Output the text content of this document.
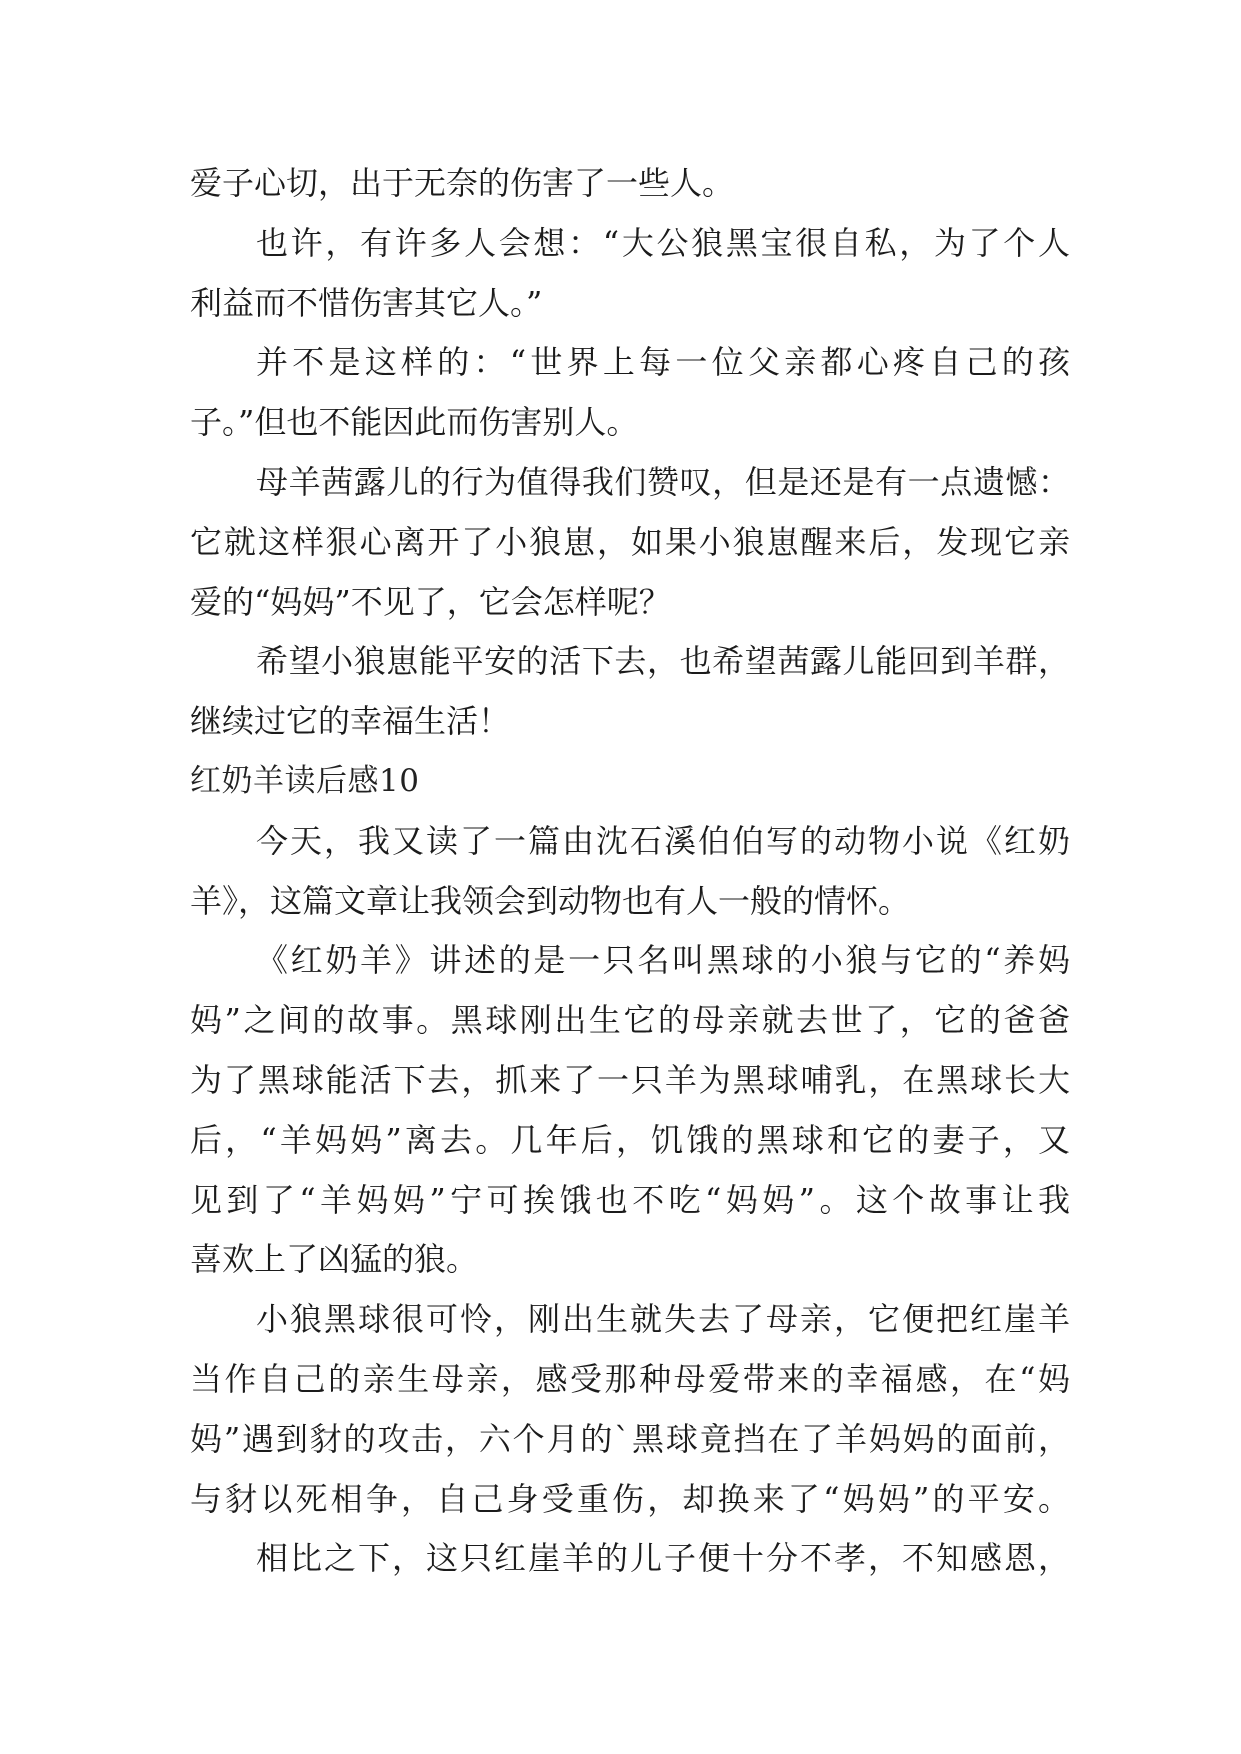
爱子心切，出于无奈的伤害了一些人。
也许，有许多人会想：“大公狼黑宝很自私，为了个人
利益而不惜伤害其它人。”
并不是这样的：“世界上每一位父亲都心疼自己的孩
子。”但也不能因此而伤害别人。
母羊茜露儿的行为值得我们赞叹，但是还是有一点遗憾：
它就这样狠心离开了小狼崽，如果小狼崽醒来后，发现它亲
爱的“妈妈”不见了，它会怎样呢？
希望小狼崽能平安的活下去，也希望茜露儿能回到羊群，
继续过它的幸福生活！
红奶羊读后感10
今天，我又读了一篇由沈石溪伯伯写的动物小说《红奶
羊》，这篇文章让我领会到动物也有人一般的情怀。
《红奶羊》讲述的是一只名叫黑球的小狼与它的“养妈
妈”之间的故事。黑球刚出生它的母亲就去世了，它的爸爸
为了黑球能活下去，抓来了一只羊为黑球哺乳，在黑球长大
后，“羊妈妈”离去。几年后，饥饿的黑球和它的妻子，又
见到了“羊妈妈”宁可挨饿也不吃“妈妈”。这个故事让我
喜欢上了凶猛的狼。
小狼黑球很可怜，刚出生就失去了母亲，它便把红崖羊
当作自己的亲生母亲，感受那种母爱带来的幸福感，在“妈
妈”遇到豺的攻击，六个月的`黑球竟挡在了羊妈妈的面前，
与豺以死相争，自己身受重伤，却换来了“妈妈”的平安。
相比之下，这只红崖羊的儿子便十分不孝，不知感恩，
